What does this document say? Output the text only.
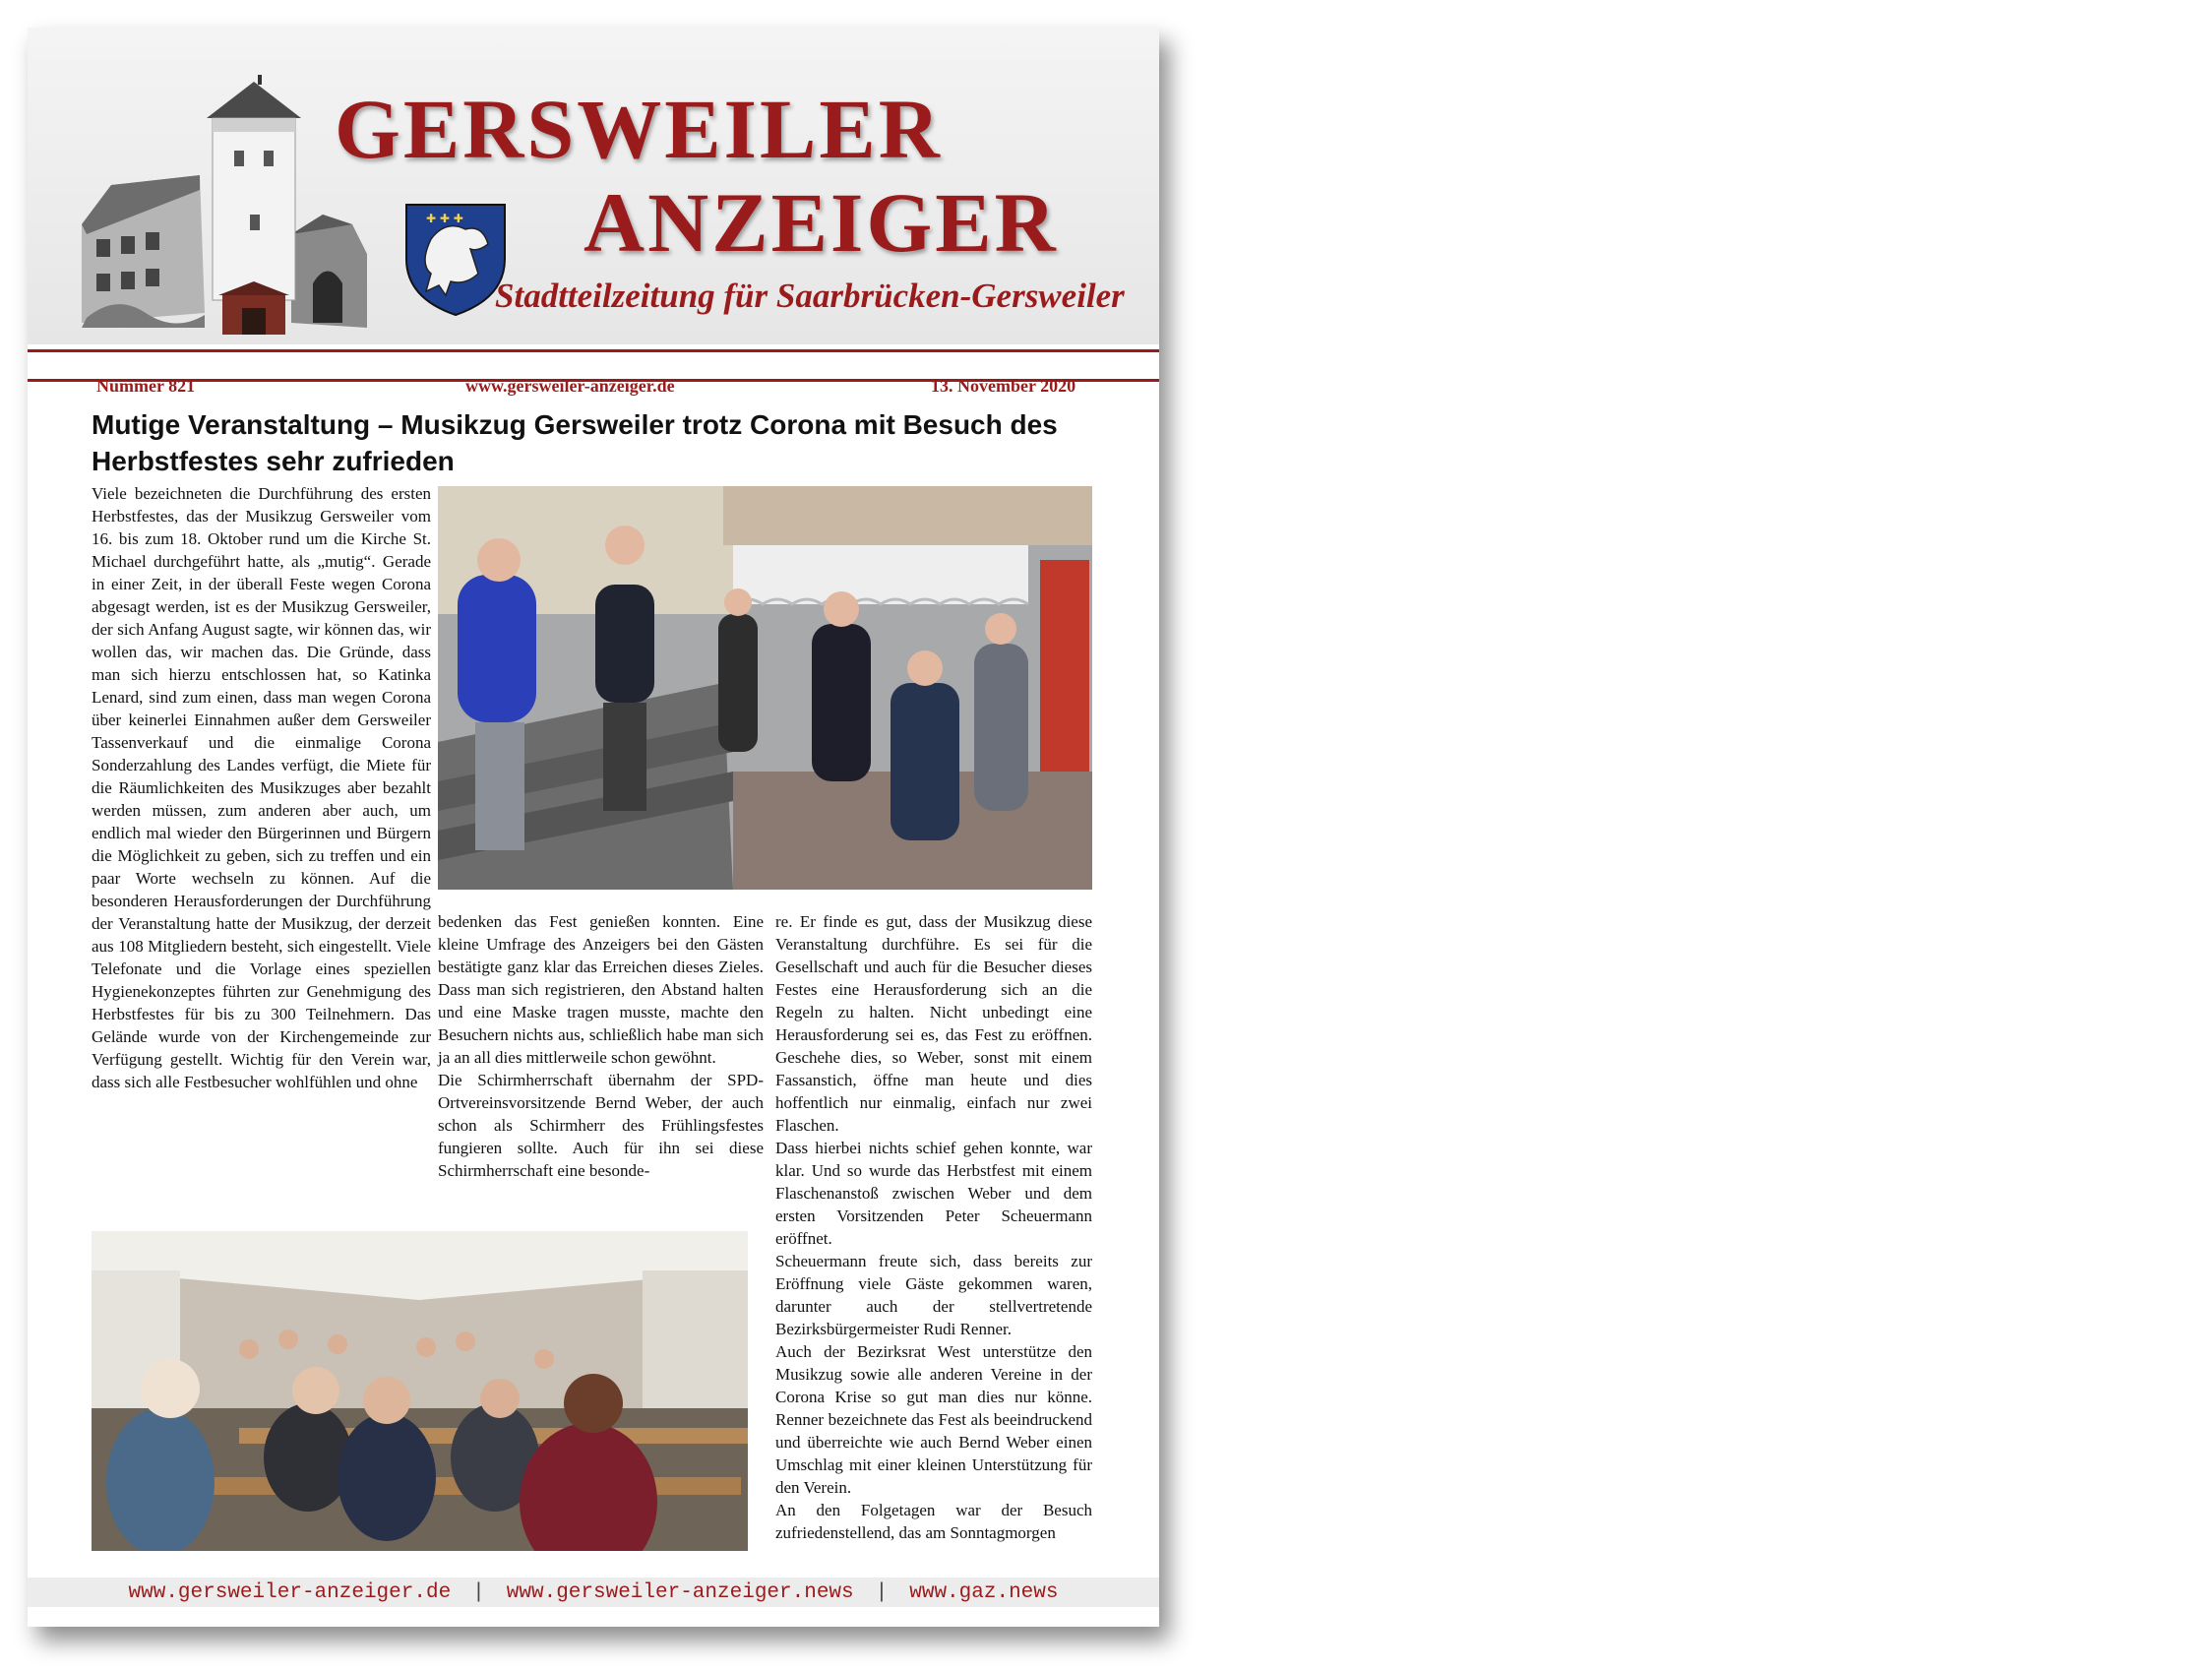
✚ ✚ ✚
GERSWEILER
ANZEIGER
Stadtteilzeitung für Saarbrücken-Gersweiler
Nummer 821	www.gersweiler-anzeiger.de	13. November 2020
Mutige Veranstaltung – Musikzug Gersweiler trotz Corona mit Besuch des Herbstfestes sehr zufrieden
Viele bezeichneten die Durchführung des ersten Herbstfestes, das der Musikzug Gersweiler vom 16. bis zum 18. Oktober rund um die Kirche St. Michael durchgeführt hatte, als „mutig“. Gerade in einer Zeit, in der überall Feste wegen Corona abgesagt werden, ist es der Musikzug Gersweiler, der sich Anfang August sagte, wir können das, wir wollen das, wir machen das. Die Gründe, dass man sich hierzu entschlossen hat, so Katinka Lenard, sind zum einen, dass man wegen Corona über keinerlei Einnahmen außer dem Gersweiler Tassenverkauf und die einmalige Corona Sonderzahlung des Landes verfügt, die Miete für die Räumlichkeiten des Musikzuges aber bezahlt werden müssen, zum anderen aber auch, um endlich mal wieder den Bürgerinnen und Bürgern die Möglichkeit zu geben, sich zu treffen und ein paar Worte wechseln zu können. Auf die besonderen Herausforderungen der Durchführung der Veranstaltung hatte der Musikzug, der derzeit aus 108 Mitgliedern besteht, sich eingestellt. Viele Telefonate und die Vorlage eines speziellen Hygienekonzeptes führten zur Genehmigung des Herbstfestes für bis zu 300 Teilnehmern. Das Gelände wurde von der Kirchengemeinde zur Verfügung gestellt. Wichtig für den Verein war, dass sich alle Festbesucher wohlfühlen und ohne
bedenken das Fest genießen konnten. Eine kleine Umfrage des Anzeigers bei den Gästen bestätigte ganz klar das Erreichen dieses Zieles. Dass man sich registrieren, den Abstand halten und eine Maske tragen musste, machte den Besuchern nichts aus, schließlich habe man sich ja an all dies mittlerweile schon gewöhnt.
Die Schirmherrschaft übernahm der SPD-Ortvereinsvorsitzende Bernd Weber, der auch schon als Schirmherr des Frühlingsfestes fungieren sollte. Auch für ihn sei diese Schirmherrschaft eine besonde-
re. Er finde es gut, dass der Musikzug diese Veranstaltung durchführe. Es sei für die Gesellschaft und auch für die Besucher dieses Festes eine Herausforderung sich an die Regeln zu halten. Nicht unbedingt eine Herausforderung sei es, das Fest zu eröffnen. Geschehe dies, so Weber, sonst mit einem Fassanstich, öffne man heute und dies hoffentlich nur einmalig, einfach nur zwei Flaschen.
Dass hierbei nichts schief gehen konnte, war klar. Und so wurde das Herbstfest mit einem Flaschenanstoß zwischen Weber und dem ersten Vorsitzenden Peter Scheuermann eröffnet.
Scheuermann freute sich, dass bereits zur Eröffnung viele Gäste gekommen waren, darunter auch der stellvertretende Bezirksbürgermeister Rudi Renner.
Auch der Bezirksrat West unterstütze den Musikzug sowie alle anderen Vereine in der Corona Krise so gut man dies nur könne. Renner bezeichnete das Fest als beeindruckend und überreichte wie auch Bernd Weber einen Umschlag mit einer kleinen Unterstützung für den Verein.
An den Folgetagen war der Besuch zufriedenstellend, das am Sonntagmorgen
www.gersweiler-anzeiger.de | www.gersweiler-anzeiger.news | www.gaz.news
